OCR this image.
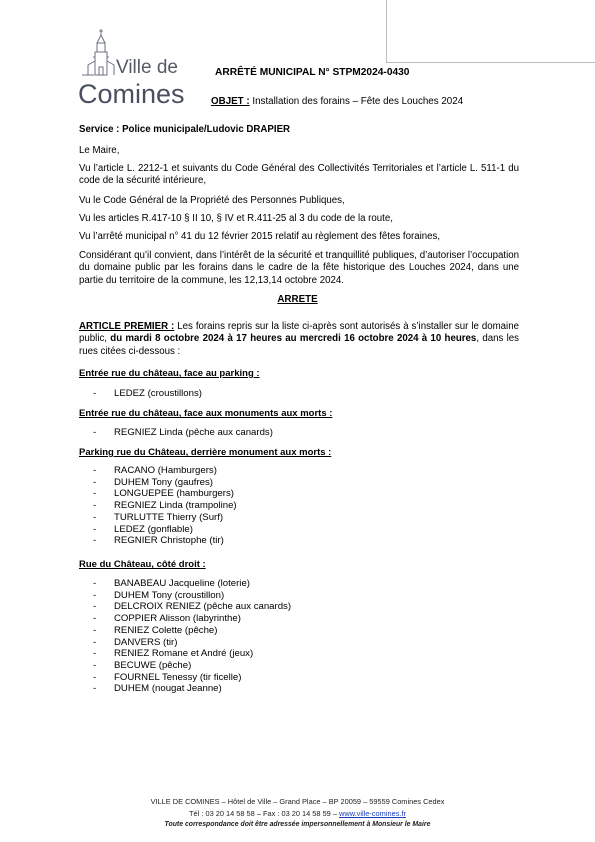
Ville de
Comines
ARRÊTÉ MUNICIPAL N° STPM2024-0430
OBJET : Installation des forains – Fête des Louches 2024
Service : Police municipale/Ludovic DRAPIER
Le Maire,
Vu l’article L. 2212-1 et suivants du Code Général des Collectivités Territoriales et l’article L. 511-1 du code de la sécurité intérieure,
Vu le Code Général de la Propriété des Personnes Publiques,
Vu les articles R.417-10 § II 10, § IV et R.411-25 al 3 du code de la route,
Vu l’arrêté municipal n° 41 du 12 février 2015 relatif au règlement des fêtes foraines,
Considérant qu’il convient, dans l’intérêt de la sécurité et tranquillité publiques, d’autoriser l’occupation du domaine public par les forains dans le cadre de la fête historique des Louches 2024, dans une partie du territoire de la commune, les 12,13,14 octobre 2024.
ARRETE
ARTICLE PREMIER : Les forains repris sur la liste ci-après sont autorisés à s’installer sur le domaine public, du mardi 8 octobre 2024 à 17 heures au mercredi 16 octobre 2024 à 10 heures, dans les rues citées ci-dessous :
Entrée rue du château, face au parking :
- LEDEZ (croustillons)
Entrée rue du château, face aux monuments aux morts :
- REGNIEZ Linda (pêche aux canards)
Parking rue du Château, derrière monument aux morts :
- RACANO (Hamburgers)
- DUHEM Tony (gaufres)
- LONGUEPEE (hamburgers)
- REGNIEZ Linda (trampoline)
- TURLUTTE Thierry (Surf)
- LEDEZ (gonflable)
- REGNIER Christophe (tir)
Rue du Château, côté droit :
- BANABEAU Jacqueline (loterie)
- DUHEM Tony (croustillon)
- DELCROIX RENIEZ (pêche aux canards)
- COPPIER Alisson (labyrinthe)
- RENIEZ Colette (pêche)
- DANVERS (tir)
- RENIEZ Romane et André (jeux)
- BECUWE (pêche)
- FOURNEL Tenessy (tir ficelle)
- DUHEM (nougat Jeanne)
VILLE DE COMINES – Hôtel de Ville – Grand Place – BP 20059 – 59559 Comines Cedex
Tél : 03 20 14 58 58 – Fax : 03 20 14 58 59 – www.ville-comines.fr
Toute correspondance doit être adressée impersonnellement à Monsieur le Maire
